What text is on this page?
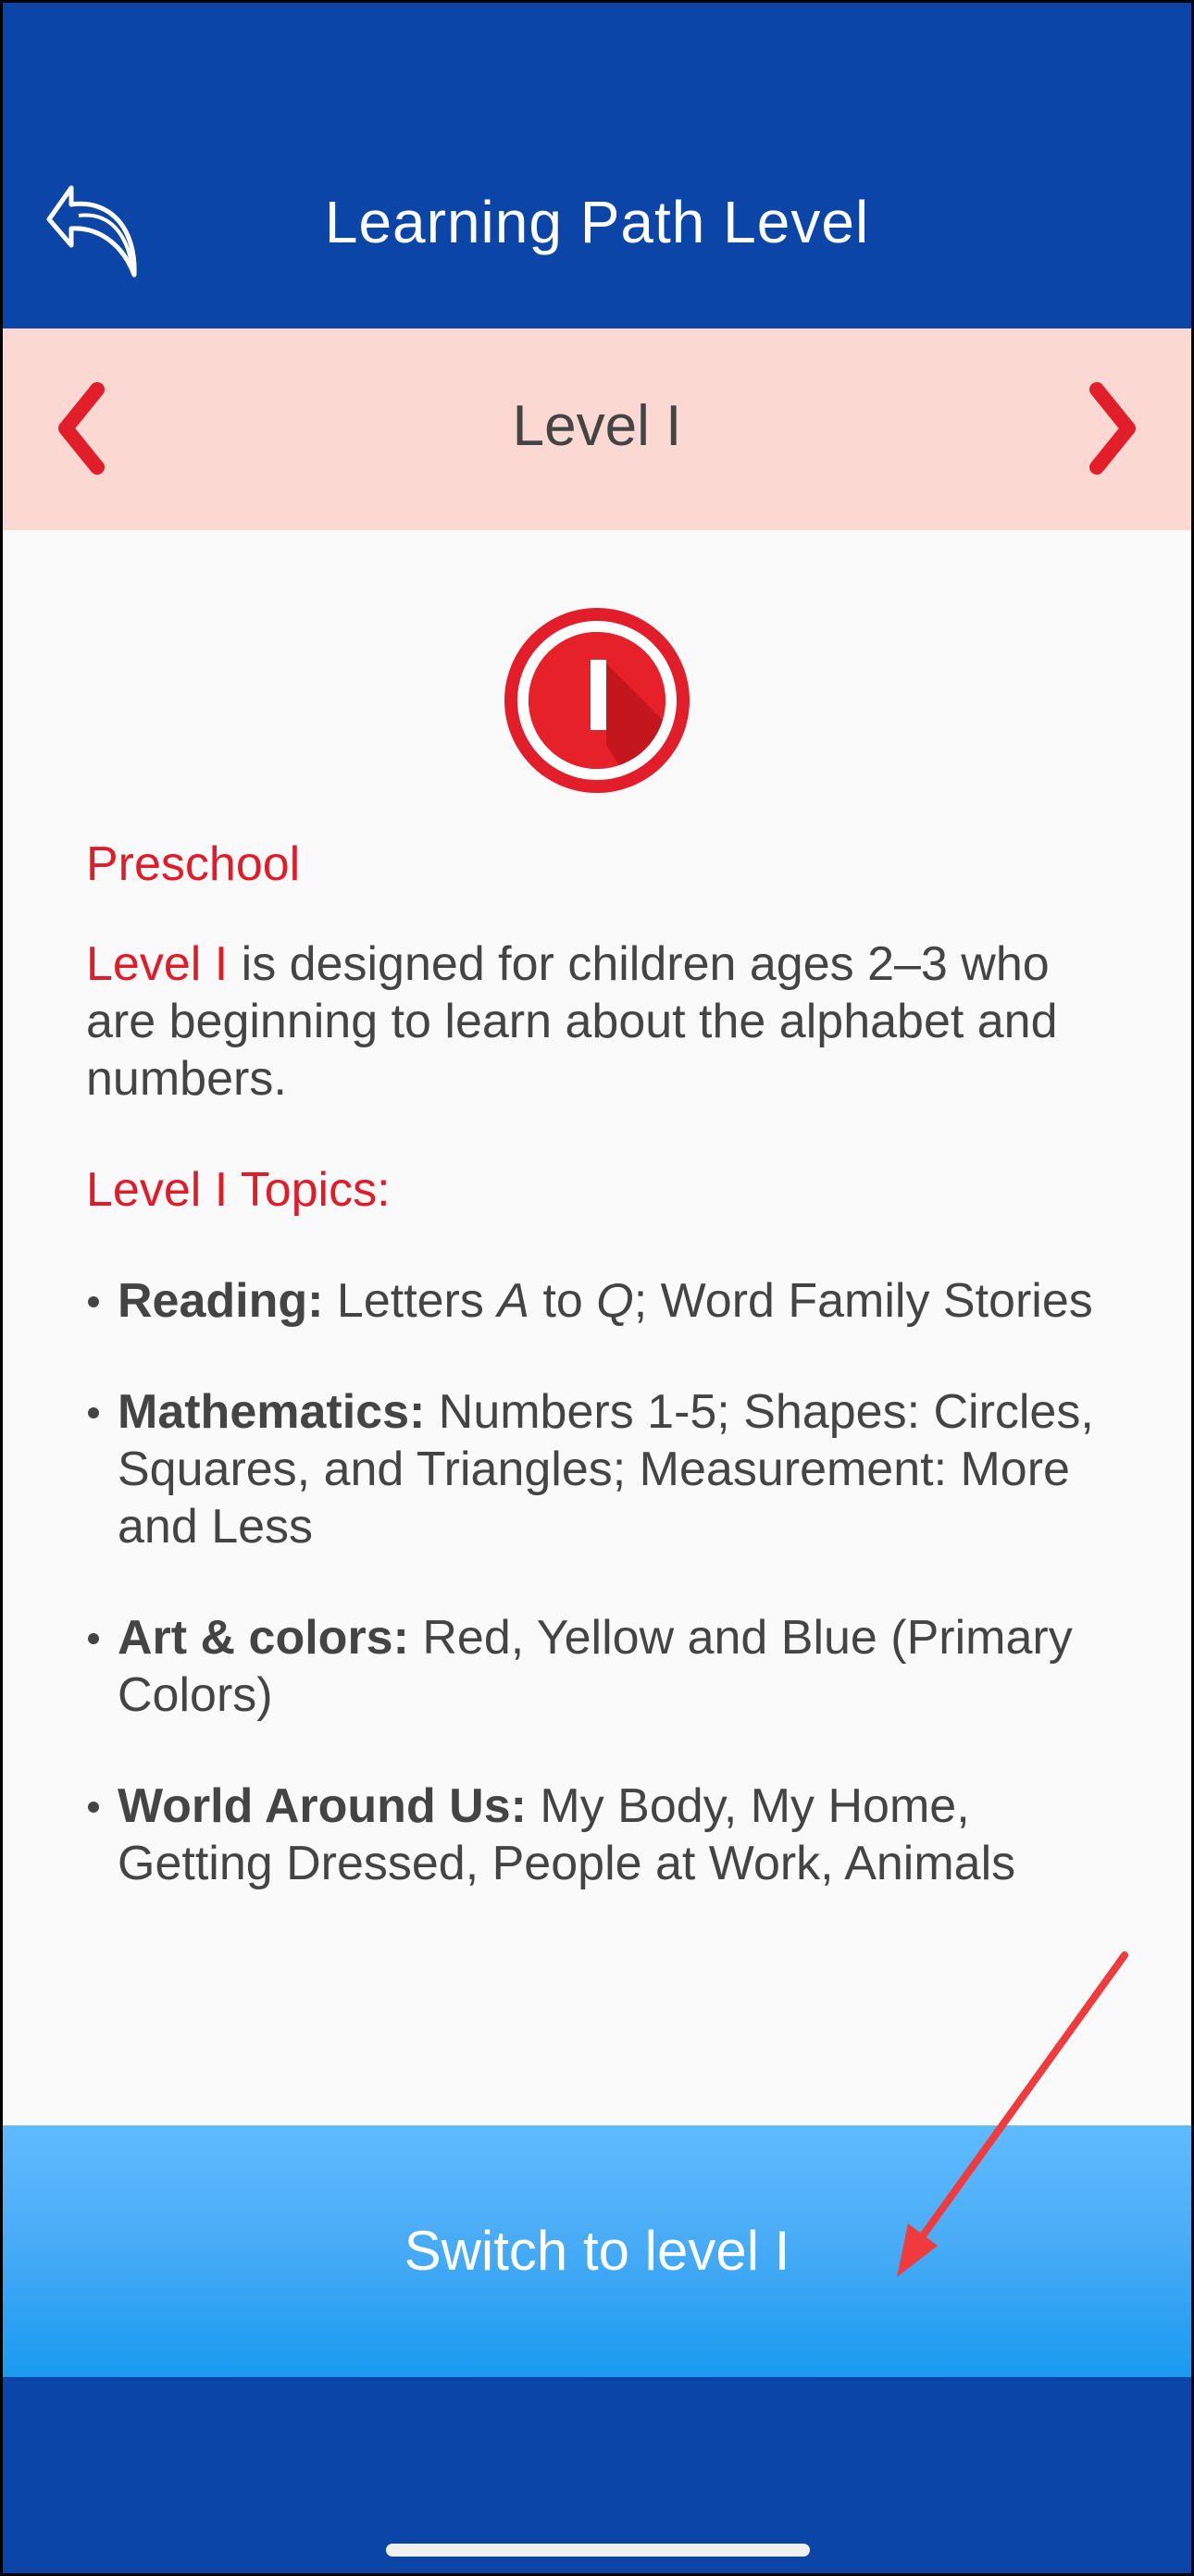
Learning Path Level
Level I

Preschool

Level I is designed for children ages 2–3 who are beginning to learn about the alphabet and numbers.

Level I Topics:

Reading: Letters A to Q; Word Family Stories
Mathematics: Numbers 1-5; Shapes: Circles, Squares, and Triangles; Measurement: More and Less
Art & colors: Red, Yellow and Blue (Primary Colors)
World Around Us: My Body, My Home, Getting Dressed, People at Work, Animals
Switch to level I
